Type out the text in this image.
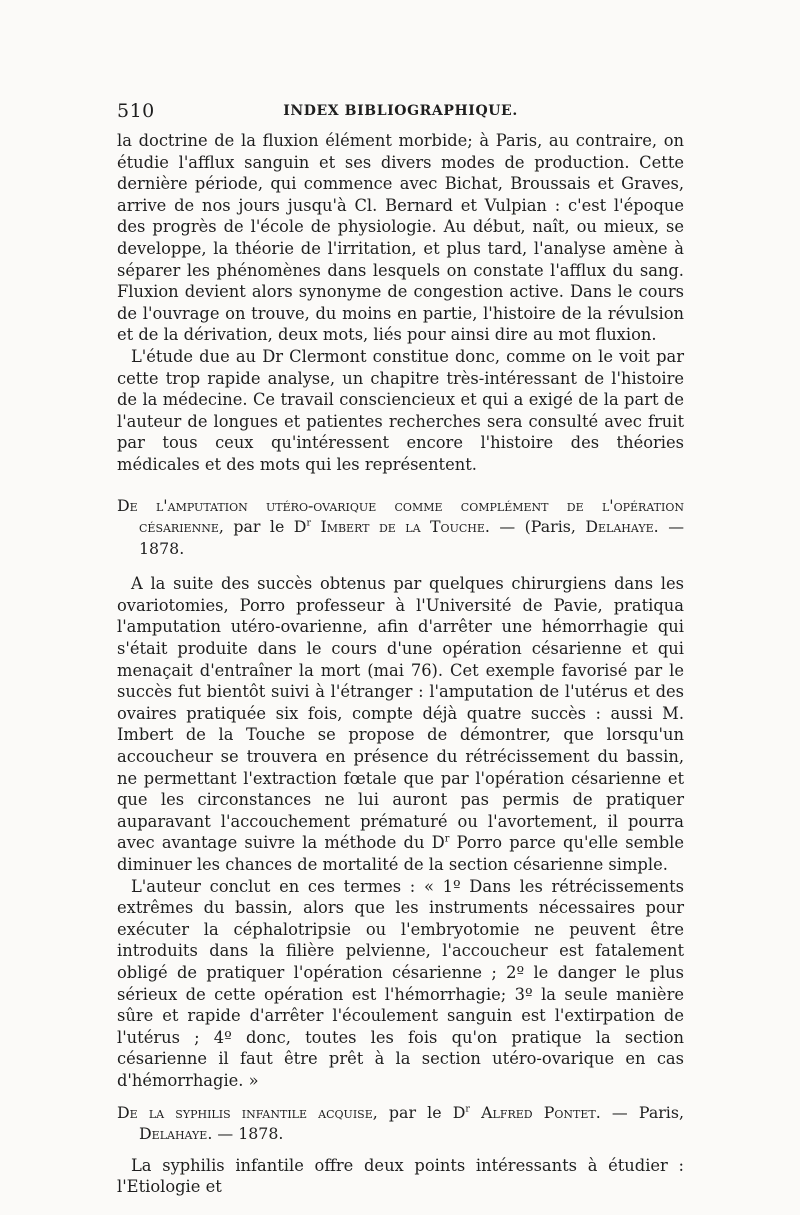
510	INDEX BIBLIOGRAPHIQUE.

la doctrine de la fluxion élément morbide; à Paris, au contraire, on étudie l'afflux sanguin et ses divers modes de production. Cette dernière période, qui commence avec Bichat, Broussais et Graves, arrive de nos jours jusqu'à Cl. Bernard et Vulpian : c'est l'époque des progrès de l'école de physiologie. Au début, naît, ou mieux, se developpe, la théorie de l'irritation, et plus tard, l'analyse amène à séparer les phénomènes dans lesquels on constate l'afflux du sang. Fluxion devient alors synonyme de congestion active. Dans le cours de l'ouvrage on trouve, du moins en partie, l'histoire de la révulsion et de la dérivation, deux mots, liés pour ainsi dire au mot fluxion.

L'étude due au Dr Clermont constitue donc, comme on le voit par cette trop rapide analyse, un chapitre très-intéressant de l'histoire de la médecine. Ce travail consciencieux et qui a exigé de la part de l'auteur de longues et patientes recherches sera consulté avec fruit par tous ceux qu'intéressent encore l'histoire des théories médicales et des mots qui les représentent.

De l'amputation utéro-ovarique comme complément de l'opération césarienne, par le $D^r$ Imbert de la Touche. — (Paris, Delahaye. — 1878.

A la suite des succès obtenus par quelques chirurgiens dans les ovariotomies, Porro professeur à l'Université de Pavie, pratiqua l'amputation utéro-ovarienne, afin d'arrêter une hémorrhagie qui s'était produite dans le cours d'une opération césarienne et qui menaçait d'entraîner la mort (mai 76). Cet exemple favorisé par le succès fut bientôt suivi à l'étranger : l'amputation de l'utérus et des ovaires pratiquée six fois, compte déjà quatre succès : aussi M. Imbert de la Touche se propose de démontrer, que lorsqu'un accoucheur se trouvera en présence du rétrécissement du bassin, ne permettant l'extraction fœtale que par l'opération césarienne et que les circonstances ne lui auront pas permis de pratiquer auparavant l'accouchement prématuré ou l'avortement, il pourra avec avantage suivre la méthode du $D^r$ Porro parce qu'elle semble diminuer les chances de mortalité de la section césarienne simple.

L'auteur conclut en ces termes : « 1º Dans les rétrécissements extrêmes du bassin, alors que les instruments nécessaires pour exécuter la céphalotripsie ou l'embryotomie ne peuvent être introduits dans la filière pelvienne, l'accoucheur est fatalement obligé de pratiquer l'opération césarienne ; 2º le danger le plus sérieux de cette opération est l'hémorrhagie; 3º la seule manière sûre et rapide d'arrêter l'écoulement sanguin est l'extirpation de l'utérus ; 4º donc, toutes les fois qu'on pratique la section césarienne il faut être prêt à la section utéro-ovarique en cas d'hémorrhagie. »

De la syphilis infantile acquise, par le $D^r$ Alfred Pontet. — Paris, Delahaye. — 1878.

La syphilis infantile offre deux points intéressants à étudier : l'Etiologie et
